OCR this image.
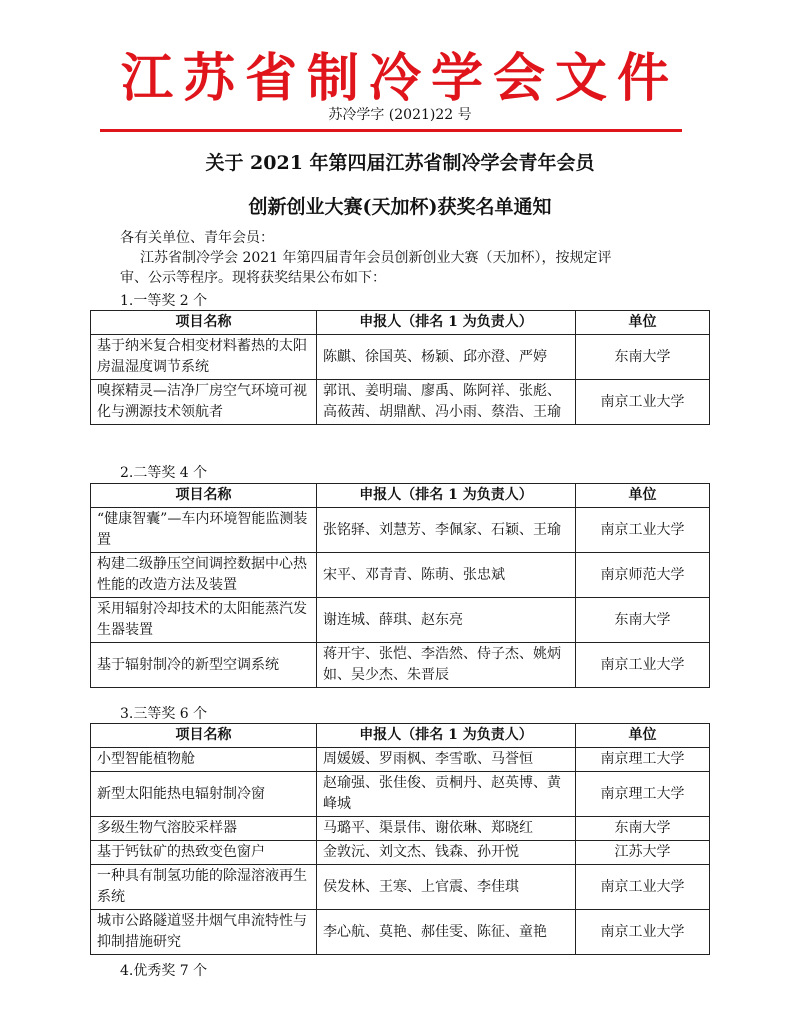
江苏省制冷学会文件
苏冷学字 (2021)22 号
关于 2021 年第四届江苏省制冷学会青年会员
创新创业大赛(天加杯)获奖名单通知
各有关单位、青年会员：
江苏省制冷学会 2021 年第四届青年会员创新创业大赛（天加杯），按规定评
审、公示等程序。现将获奖结果公布如下：
1.一等奖 2 个
项目名称	申报人（排名 1 为负责人）	单位
基于纳米复合相变材料蓄热的太阳房温湿度调节系统	陈麒、徐国英、杨颖、邱亦澄、严婷	东南大学
嗅探精灵—洁净厂房空气环境可视化与溯源技术领航者	郭讯、姜明瑞、廖禹、陈阿祥、张彪、高莜茜、胡鼎猷、冯小雨、蔡浩、王瑜	南京工业大学
2.二等奖 4 个
项目名称	申报人（排名 1 为负责人）	单位
“健康智囊”—车内环境智能监测装置	张铭驿、刘慧芳、李佩家、石颖、王瑜	南京工业大学
构建二级静压空间调控数据中心热性能的改造方法及装置	宋平、邓青青、陈萌、张忠斌	南京师范大学
采用辐射冷却技术的太阳能蒸汽发生器装置	谢连城、薛琪、赵东亮	东南大学
基于辐射制冷的新型空调系统	蒋开宇、张恺、李浩然、侍子杰、姚炳如、吴少杰、朱晋辰	南京工业大学
3.三等奖 6 个
项目名称	申报人（排名 1 为负责人）	单位
小型智能植物舱	周媛媛、罗雨枫、李雪歌、马誉恒	南京理工大学
新型太阳能热电辐射制冷窗	赵瑜强、张佳俊、贡桐丹、赵英博、黄峰城	南京理工大学
多级生物气溶胶采样器	马璐平、渠景伟、谢依琳、郑晓红	东南大学
基于钙钛矿的热致变色窗户	金敦沅、刘文杰、钱森、孙开悦	江苏大学
一种具有制氢功能的除湿溶液再生系统	侯发林、王寒、上官震、李佳琪	南京工业大学
城市公路隧道竖井烟气串流特性与抑制措施研究	李心航、莫艳、郝佳雯、陈征、童艳	南京工业大学
4.优秀奖 7 个
